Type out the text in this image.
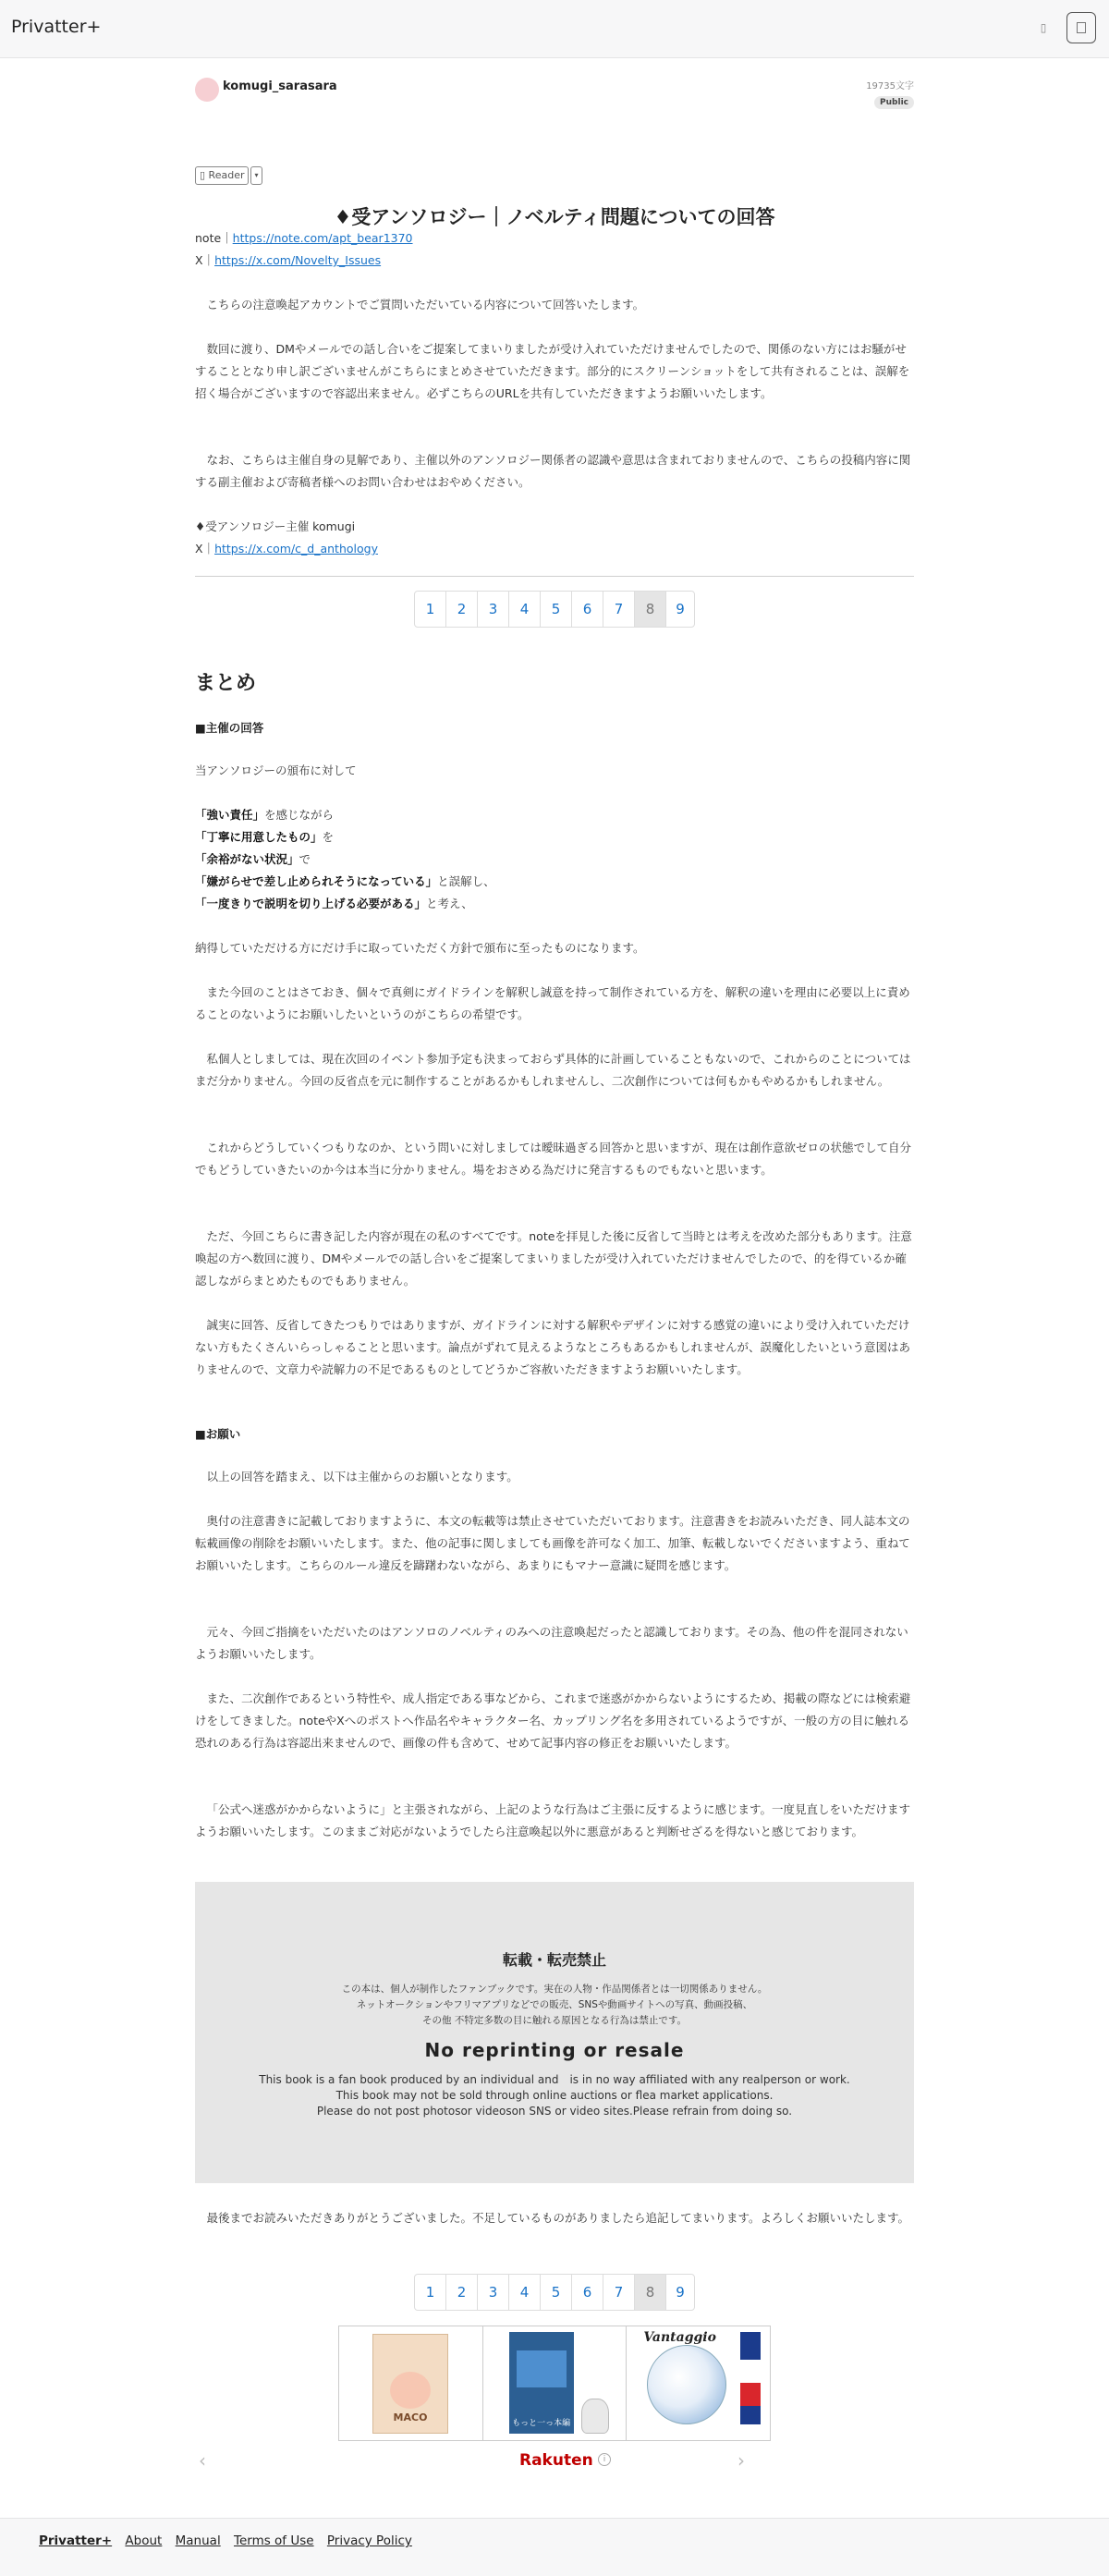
Privatter+	▯
komugi_sarasara	19735文字
Public
▯ Reader	▾
♦受アンソロジー｜ノベルティ問題についての回答
note｜https://note.com/apt_bear1370
X｜https://x.com/Novelty_Issues

こちらの注意喚起アカウントでご質問いただいている内容について回答いたします。

数回に渡り、DMやメールでの話し合いをご提案してまいりましたが受け入れていただけませんでしたので、関係のない方にはお騒がせすることとなり申し訳ございませんがこちらにまとめさせていただきます。部分的にスクリーンショットをして共有されることは、誤解を招く場合がございますので容認出来ません。必ずこちらのURLを共有していただきますようお願いいたします。

なお、こちらは主催自身の見解であり、主催以外のアンソロジー関係者の認識や意思は含まれておりませんので、こちらの投稿内容に関する副主催および寄稿者様へのお問い合わせはおやめください。

♦受アンソロジー主催 komugi
X｜https://x.com/c_d_anthology
1	2	3	4	5	6	7	8	9
まとめ
■主催の回答
当アンソロジーの頒布に対して
「強い責任」を感じながら
「丁寧に用意したもの」を
「余裕がない状況」で
「嫌がらせで差し止められそうになっている」と誤解し、
「一度きりで説明を切り上げる必要がある」と考え、

納得していただける方にだけ手に取っていただく方針で頒布に至ったものになります。

また今回のことはさておき、個々で真剣にガイドラインを解釈し誠意を持って制作されている方を、解釈の違いを理由に必要以上に責めることのないようにお願いしたいというのがこちらの希望です。

私個人としましては、現在次回のイベント参加予定も決まっておらず具体的に計画していることもないので、これからのことについてはまだ分かりません。今回の反省点を元に制作することがあるかもしれませんし、二次創作については何もかもやめるかもしれません。

これからどうしていくつもりなのか、という問いに対しましては曖昧過ぎる回答かと思いますが、現在は創作意欲ゼロの状態でして自分でもどうしていきたいのか今は本当に分かりません。場をおさめる為だけに発言するものでもないと思います。

ただ、今回こちらに書き記した内容が現在の私のすべてです。noteを拝見した後に反省して当時とは考えを改めた部分もあります。注意喚起の方へ数回に渡り、DMやメールでの話し合いをご提案してまいりましたが受け入れていただけませんでしたので、的を得ているか確認しながらまとめたものでもありません。

誠実に回答、反省してきたつもりではありますが、ガイドラインに対する解釈やデザインに対する感覚の違いにより受け入れていただけない方もたくさんいらっしゃることと思います。論点がずれて見えるようなところもあるかもしれませんが、誤魔化したいという意図はありませんので、文章力や読解力の不足であるものとしてどうかご容赦いただきますようお願いいたします。

■お願い

以上の回答を踏まえ、以下は主催からのお願いとなります。

奥付の注意書きに記載しておりますように、本文の転載等は禁止させていただいております。注意書きをお読みいただき、同人誌本文の転載画像の削除をお願いいたします。また、他の記事に関しましても画像を許可なく加工、加筆、転載しないでくださいますよう、重ねてお願いいたします。こちらのルール違反を躊躇わないながら、あまりにもマナー意識に疑問を感じます。

元々、今回ご指摘をいただいたのはアンソロのノベルティのみへの注意喚起だったと認識しております。その為、他の件を混同されないようお願いいたします。

また、二次創作であるという特性や、成人指定である事などから、これまで迷惑がかからないようにするため、掲載の際などには検索避けをしてきました。noteやXへのポストへ作品名やキャラクター名、カップリング名を多用されているようですが、一般の方の目に触れる恐れのある行為は容認出来ませんので、画像の件も含めて、せめて記事内容の修正をお願いいたします。

「公式へ迷惑がかからないように」と主張されながら、上記のような行為はご主張に反するように感じます。一度見直しをいただけますようお願いいたします。このままご対応がないようでしたら注意喚起以外に悪意があると判断せざるを得ないと感じております。

転載・転売禁止
この本は、個人が制作したファンブックです。実在の人物・作品関係者とは一切関係ありません。
ネットオークションやフリマアプリなどでの販売、SNSや動画サイトへの写真、動画投稿、
その他 不特定多数の目に触れる原因となる行為は禁止です。
No reprinting or resale
This book is a fan book produced by an individual and　is in no way affiliated with any realperson or work.
This book may not be sold through online auctions or flea market applications.
Please do not post photosor videoson SNS or video sites.Please refrain from doing so.

最後までお読みいただきありがとうございました。不足しているものがありましたら追記してまいります。よろしくお願いいたします。

1	2	3	4	5	6	7	8	9
MACO	もっと一っ本編
Vantaggio
‹	›
Rakuten	i
Privatter+ About Manual Terms of Use Privacy Policy
